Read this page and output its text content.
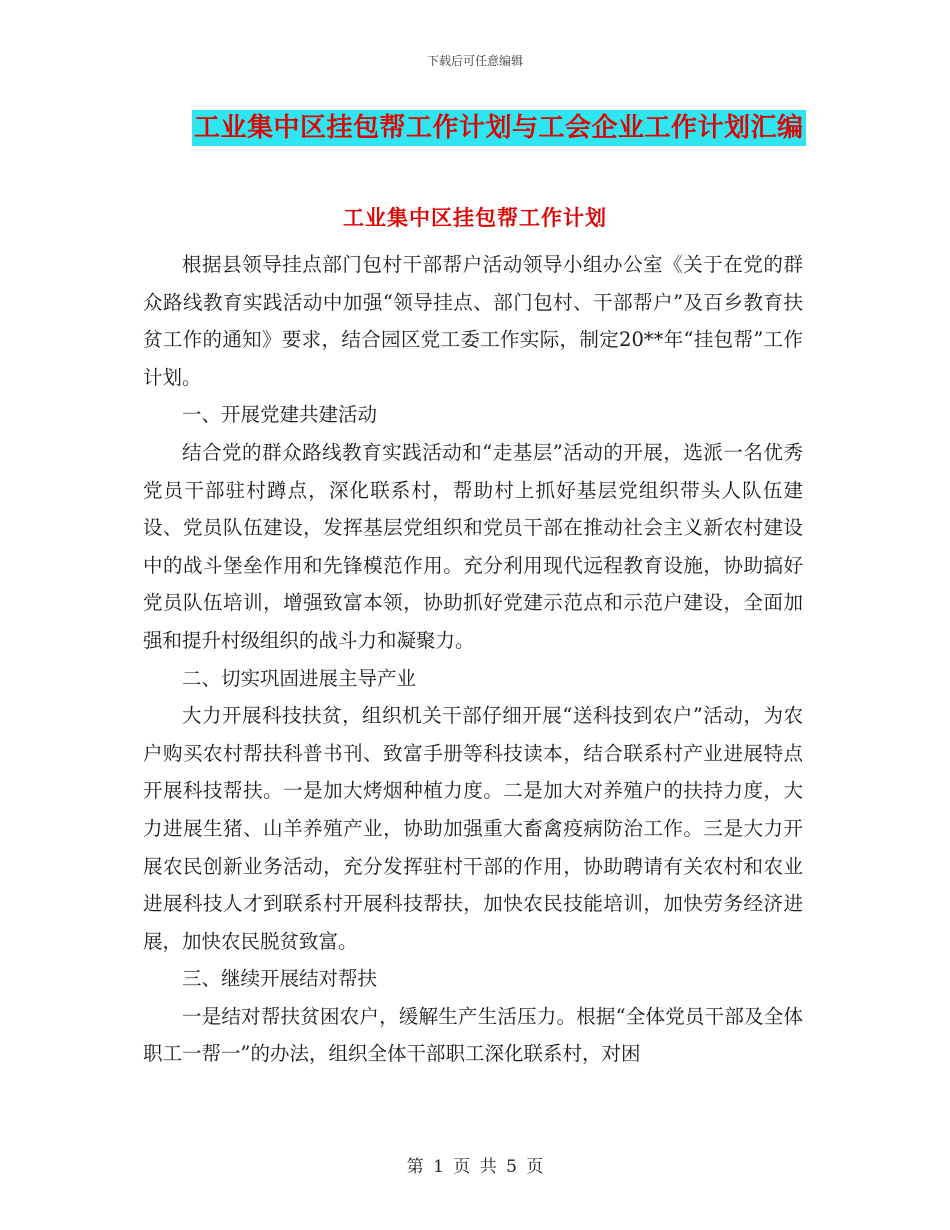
下载后可任意编辑
工业集中区挂包帮工作计划与工会企业工作计划汇编
工业集中区挂包帮工作计划

根据县领导挂点部门包村干部帮户活动领导小组办公室《关于在党的群众路线教育实践活动中加强“领导挂点、部门包村、干部帮户”及百乡教育扶贫工作的通知》要求，结合园区党工委工作实际，制定20**年“挂包帮”工作计划。

一、开展党建共建活动

结合党的群众路线教育实践活动和“走基层”活动的开展，选派一名优秀党员干部驻村蹲点，深化联系村，帮助村上抓好基层党组织带头人队伍建设、党员队伍建设，发挥基层党组织和党员干部在推动社会主义新农村建设中的战斗堡垒作用和先锋模范作用。充分利用现代远程教育设施，协助搞好党员队伍培训，增强致富本领，协助抓好党建示范点和示范户建设，全面加强和提升村级组织的战斗力和凝聚力。

二、切实巩固进展主导产业

大力开展科技扶贫，组织机关干部仔细开展“送科技到农户”活动，为农户购买农村帮扶科普书刊、致富手册等科技读本，结合联系村产业进展特点开展科技帮扶。一是加大烤烟种植力度。二是加大对养殖户的扶持力度，大力进展生猪、山羊养殖产业，协助加强重大畜禽疫病防治工作。三是大力开展农民创新业务活动，充分发挥驻村干部的作用，协助聘请有关农村和农业进展科技人才到联系村开展科技帮扶，加快农民技能培训，加快劳务经济进展，加快农民脱贫致富。

三、继续开展结对帮扶

一是结对帮扶贫困农户，缓解生产生活压力。根据“全体党员干部及全体职工一帮一”的办法，组织全体干部职工深化联系村，对困

第 1 页 共 5 页
